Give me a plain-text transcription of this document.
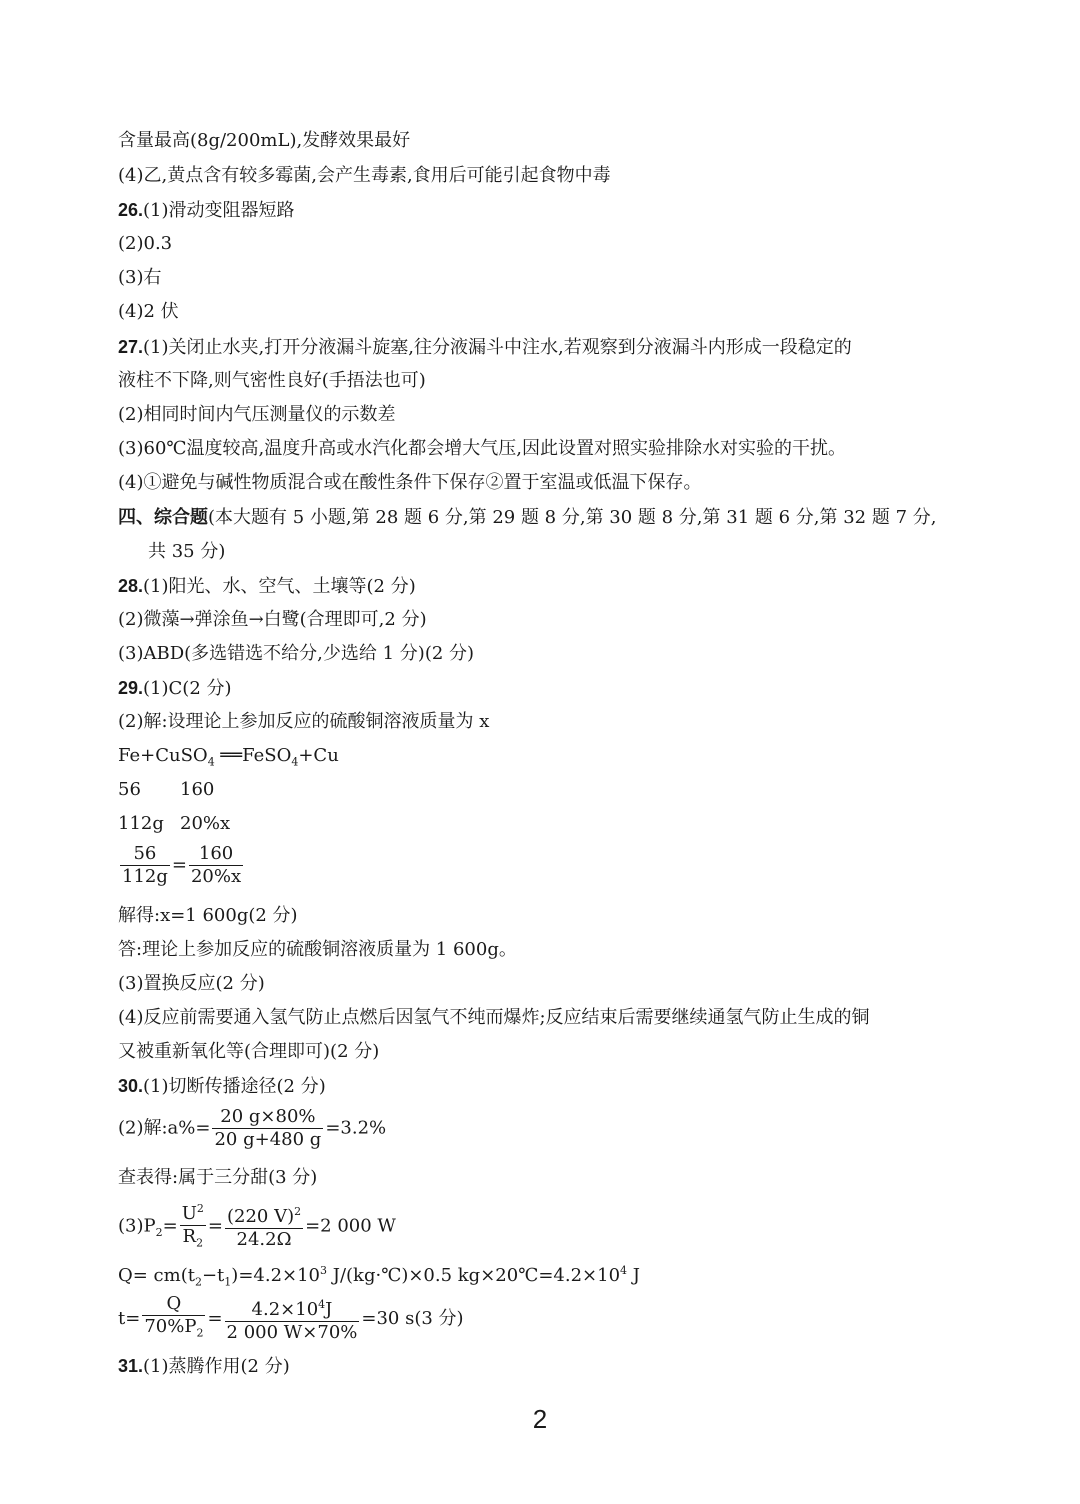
含量最高(8g/200mL),发酵效果最好
(4)乙,黄点含有较多霉菌,会产生毒素,食用后可能引起食物中毒
26.(1)滑动变阻器短路
(2)0.3
(3)右
(4)2 伏
27.(1)关闭止水夹,打开分液漏斗旋塞,往分液漏斗中注水,若观察到分液漏斗内形成一段稳定的
液柱不下降,则气密性良好(手捂法也可)
(2)相同时间内气压测量仪的示数差
(3)60℃温度较高,温度升高或水汽化都会增大气压,因此设置对照实验排除水对实验的干扰。
(4)①避免与碱性物质混合或在酸性条件下保存②置于室温或低温下保存。
四、综合题(本大题有 5 小题,第 28 题 6 分,第 29 题 8 分,第 30 题 8 分,第 31 题 6 分,第 32 题 7 分,
共 35 分)
28.(1)阳光、水、空气、土壤等(2 分)
(2)微藻→弹涂鱼→白鹭(合理即可,2 分)
(3)ABD(多选错选不给分,少选给 1 分)(2 分)
29.(1)C(2 分)
(2)解:设理论上参加反应的硫酸铜溶液质量为 x
Fe+CuSO$_4$ ══FeSO$_4$+Cu
56 160
112g 20%x
$\frac{56}{112g} = \frac{160}{20\%x}$
解得:x=1 600g(2 分)
答:理论上参加反应的硫酸铜溶液质量为 1 600g。
(3)置换反应(2 分)
(4)反应前需要通入氢气防止点燃后因氢气不纯而爆炸;反应结束后需要继续通氢气防止生成的铜
又被重新氧化等(合理即可)(2 分)
30.(1)切断传播途径(2 分)
(2)解:a%= $\frac{20 g\times 80\%}{20 g+480 g} =3.2\%$
查表得:属于三分甜(3 分)
$(3)P_2= \frac{U^2}{R_2} = \frac{(220 V)^2}{24.2\Omega} =2$ 000 W
$Q= cm(t_2-t_1)=4.2\times 10^3$ J/(kg·℃)×0.5 $kg\times 20℃=4.2\times 10^4$ J
$t= \frac{Q}{70\%P_2} = \frac{4.2\times 10^4J}{2 000 W\times 70\%} =30$ s(3 分)
31.(1)蒸腾作用(2 分)
2
